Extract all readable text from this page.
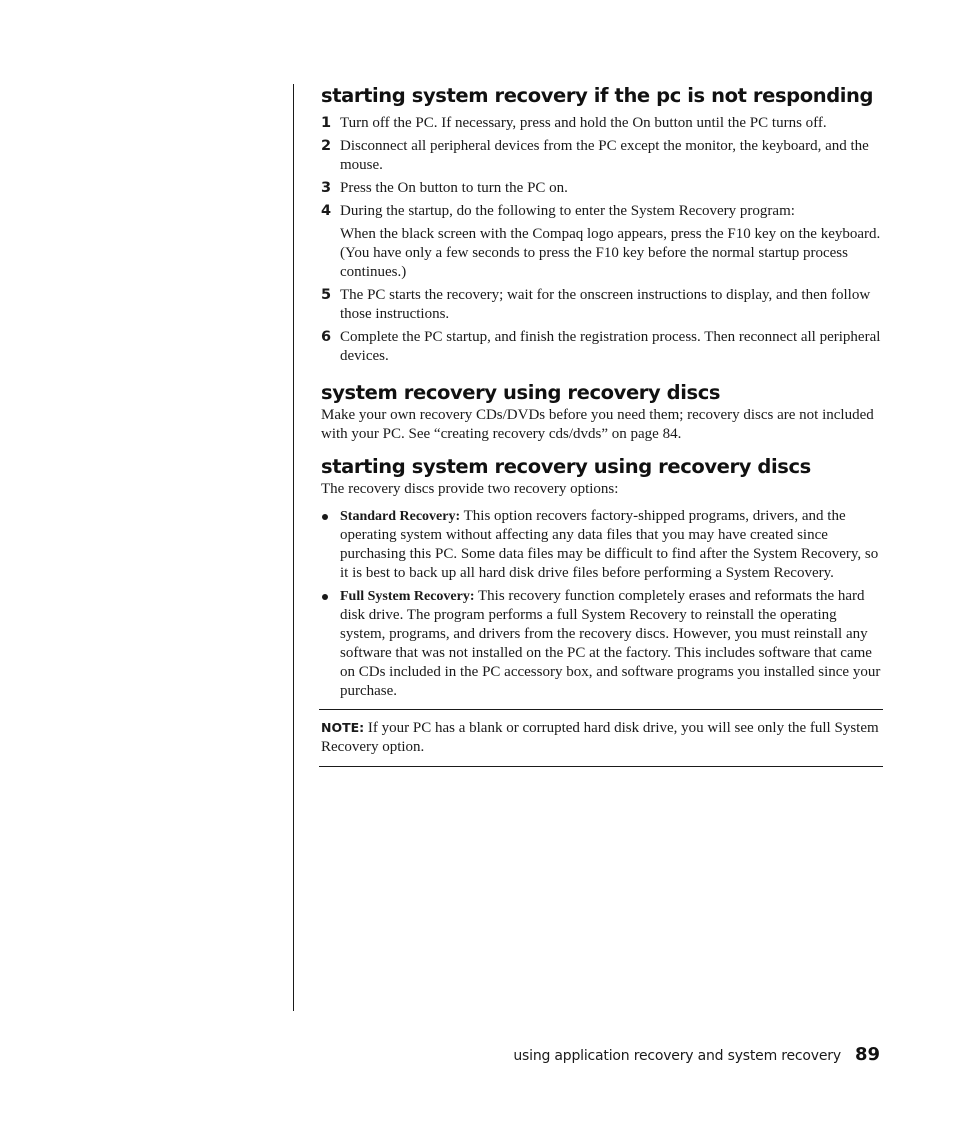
starting system recovery if the pc is not responding
1 Turn off the PC. If necessary, press and hold the On button until the PC turns off.
2 Disconnect all peripheral devices from the PC except the monitor, the keyboard, and the mouse.
3 Press the On button to turn the PC on.
4 During the startup, do the following to enter the System Recovery program:
When the black screen with the Compaq logo appears, press the F10 key on the keyboard. (You have only a few seconds to press the F10 key before the normal startup process continues.)
5 The PC starts the recovery; wait for the onscreen instructions to display, and then follow those instructions.
6 Complete the PC startup, and finish the registration process. Then reconnect all peripheral devices.
system recovery using recovery discs

Make your own recovery CDs/DVDs before you need them; recovery discs are not included with your PC. See “creating recovery cds/dvds” on page 84.

starting system recovery using recovery discs

The recovery discs provide two recovery options:

Standard Recovery: This option recovers factory-shipped programs, drivers, and the operating system without affecting any data files that you may have created since purchasing this PC. Some data files may be difficult to find after the System Recovery, so it is best to back up all hard disk drive files before performing a System Recovery.
Full System Recovery: This recovery function completely erases and reformats the hard disk drive. The program performs a full System Recovery to reinstall the operating system, programs, and drivers from the recovery discs. However, you must reinstall any software that was not installed on the PC at the factory. This includes software that came on CDs included in the PC accessory box, and software programs you installed since your purchase.
NOTE: If your PC has a blank or corrupted hard disk drive, you will see only the full System Recovery option.
using application recovery and system recovery 89
